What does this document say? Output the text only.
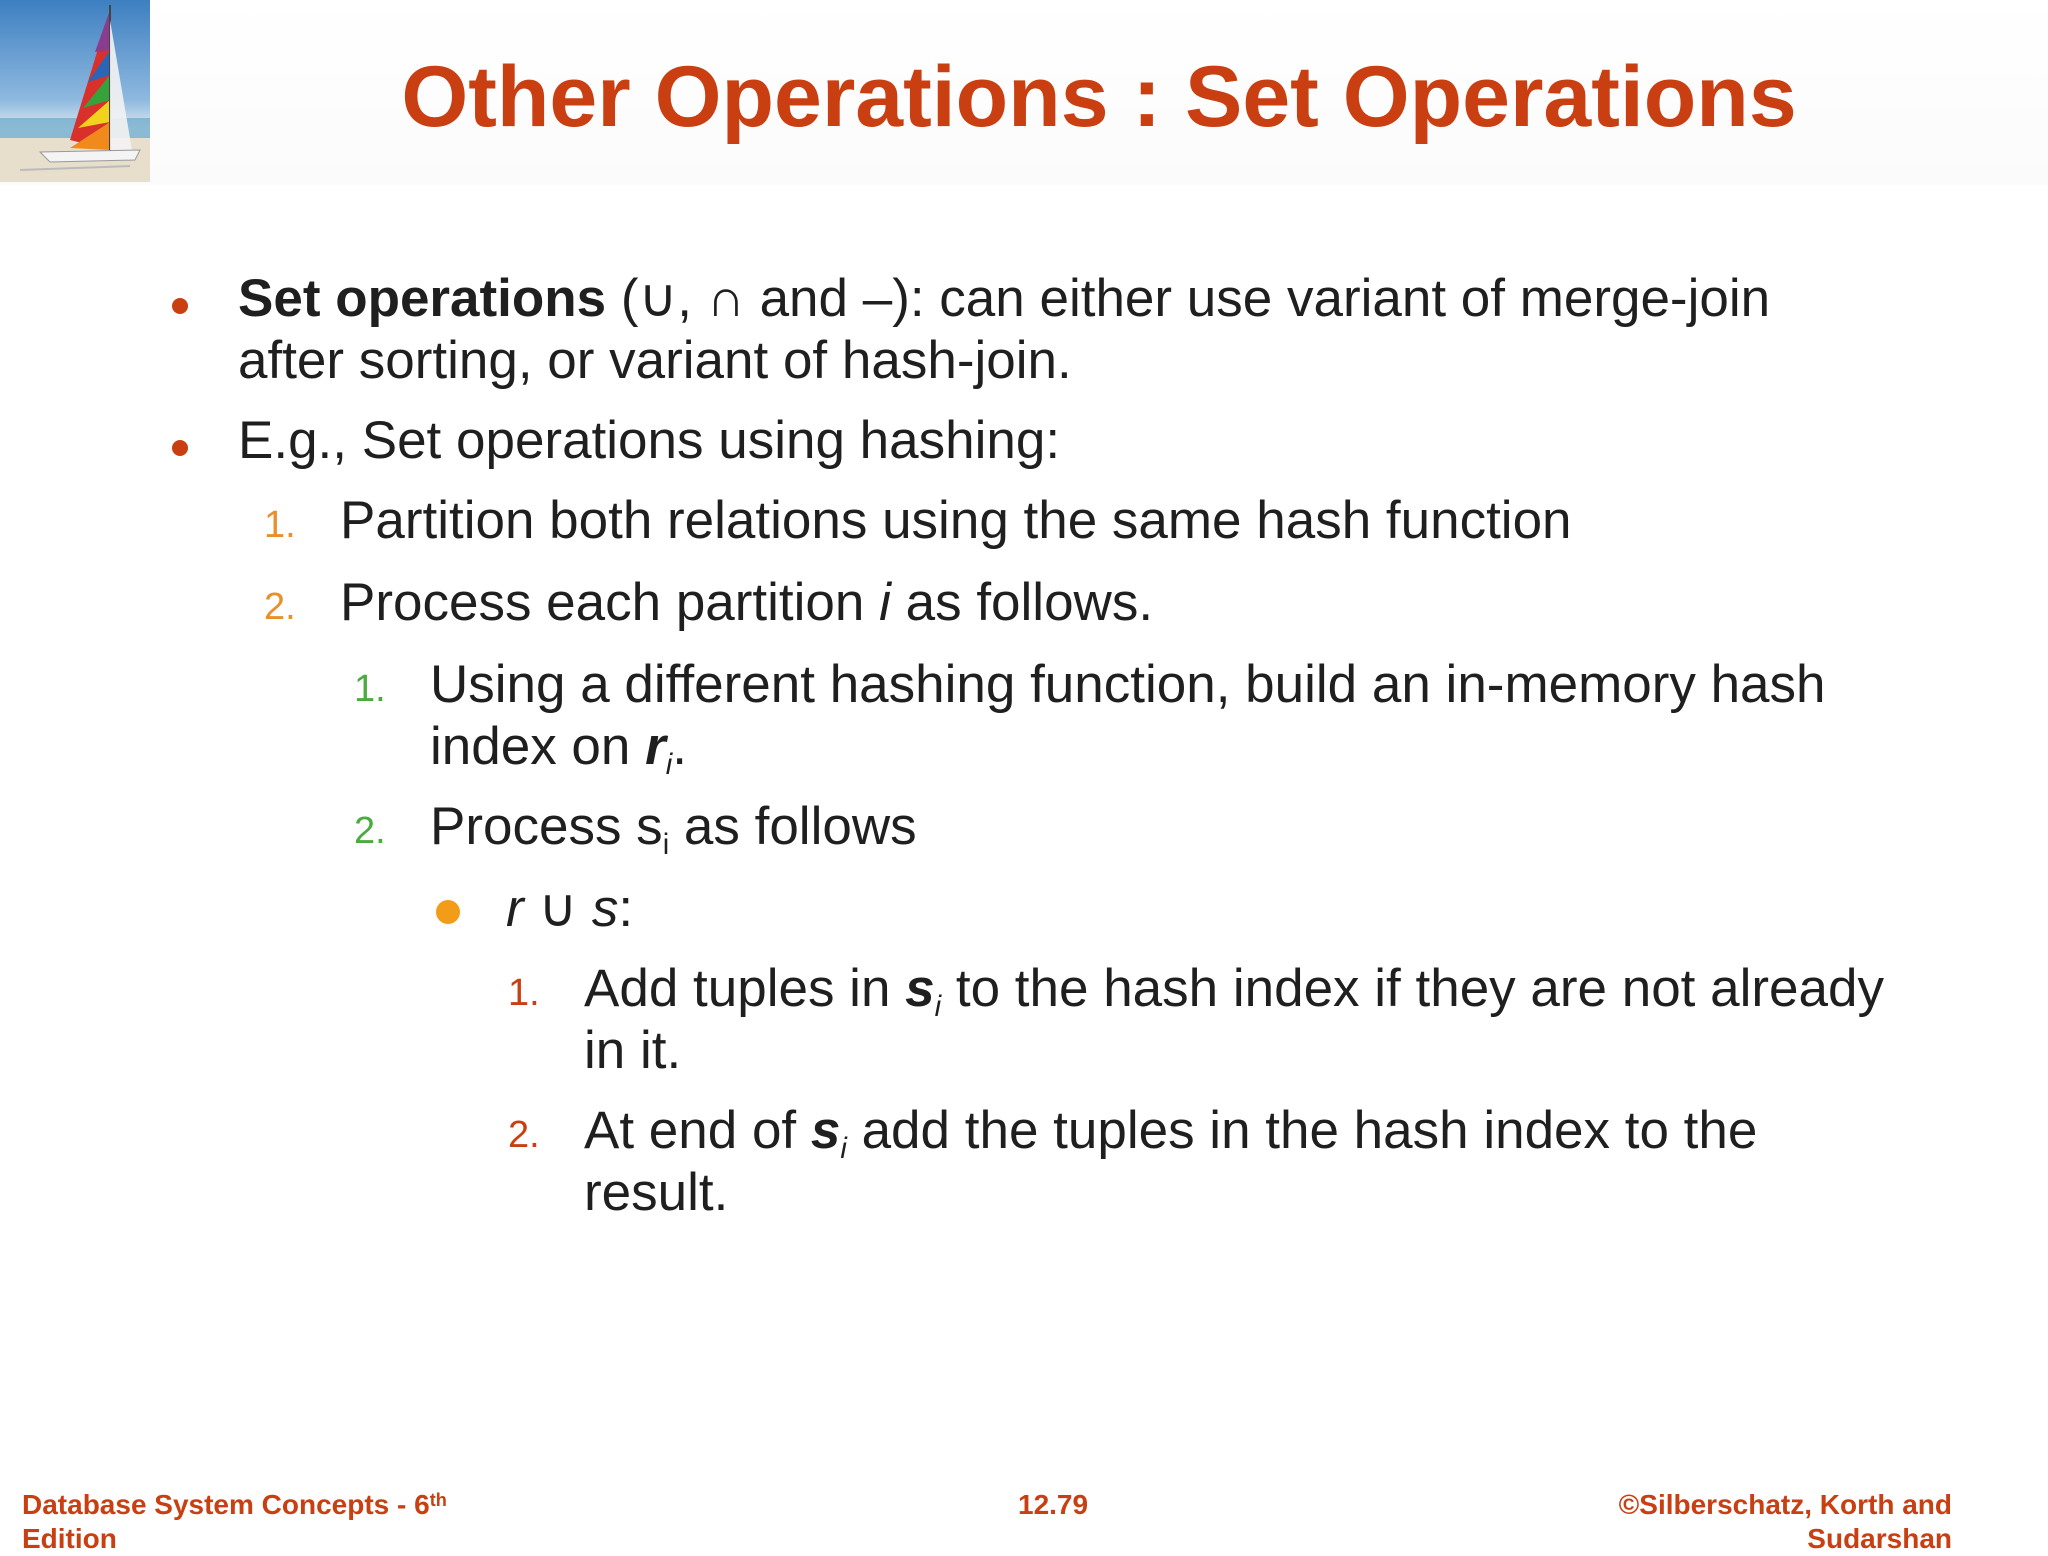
Other Operations : Set Operations
Set operations (∪, ∩ and –): can either use variant of merge-join
after sorting, or variant of hash-join.
E.g., Set operations using hashing:
1. Partition both relations using the same hash function
2. Process each partition i as follows.
1. Using a different hashing function, build an in-memory hash
index on $r_i$.
2. Process $s_i$ as follows
r ∪ s:
1. Add tuples in $s_i$ to the hash index if they are not already
in it.
2. At end of $s_i$ add the tuples in the hash index to the
result.
Database System Concepts - 6th
Edition
12.79	©Silberschatz, Korth and
Sudarshan
